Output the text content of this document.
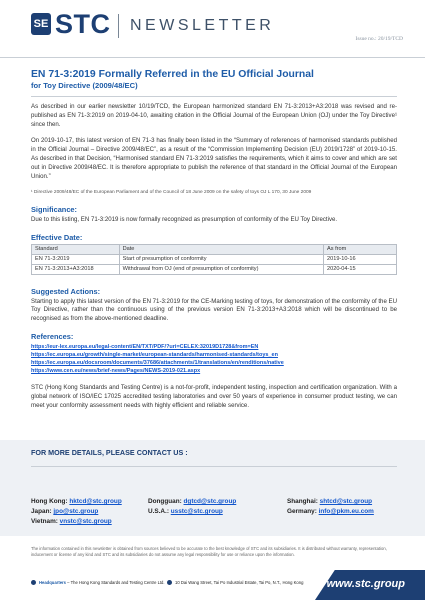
SE STC NEWSLETTER
Issue no.: 20/19/TCD
EN 71-3:2019 Formally Referred in the EU Official Journal
for Toy Directive (2009/48/EC)

As described in our earlier newsletter 10/19/TCD, the European harmonized standard EN 71-3:2013+A3:2018 was revised and re-published as EN 71-3:2019 on 2019-04-10, awaiting citation in the Official Journal of the European Union (OJ) under the Toy Directive¹ since then.

On 2019-10-17, this latest version of EN 71-3 has finally been listed in the “Summary of references of harmonised standards published in the Official Journal – Directive 2009/48/EC”, as a result of the “Commission Implementing Decision (EU) 2019/1728” of 2019-10-15. As described in that Decision, “Harmonised standard EN 71-3:2019 satisfies the requirements, which it aims to cover and which are set out in Directive 2009/48/EC. It is therefore appropriate to publish the reference of that standard in the Official Journal of the European Union.”

¹ Directive 2009/48/EC of the European Parliament and of the Council of 18 June 2009 on the safety of toys OJ L 170, 30 June 2009

Significance:

Due to this listing, EN 71-3:2019 is now formally recognized as presumption of conformity of the EU Toy Directive.

Effective Date:
Standard	Date	As from
EN 71-3:2019	Start of presumption of conformity	2019-10-16
EN 71-3:2013+A3:2018	Withdrawal from OJ (end of presumption of conformity)	2020-04-15
Suggested Actions:

Starting to apply this latest version of the EN 71-3:2019 for the CE-Marking testing of toys, for demonstration of the conformity of the EU Toy Directive, rather than the continuous using of the previous version EN 71-3:2013+A3:2018 which will be discontinued to be recognised as from the above-mentioned deadline.

References:
https://eur-lex.europa.eu/legal-content/EN/TXT/PDF/?uri=CELEX:32019D1728&from=EN
https://ec.europa.eu/growth/single-market/european-standards/harmonised-standards/toys_en
https://ec.europa.eu/docsroom/documents/37686/attachments/1/translations/en/renditions/native
https://www.cen.eu/news/brief-news/Pages/NEWS-2019-021.aspx

STC (Hong Kong Standards and Testing Centre) is a not-for-profit, independent testing, inspection and certification organization. With a global network of ISO/IEC 17025 accredited testing laboratories and over 50 years of experience in consumer product testing, we can meet your conformity assessment needs with highly efficient and reliable service.

FOR MORE DETAILS, PLEASE CONTACT US :
Hong Kong: hktcd@stc.group	Dongguan: dgtcd@stc.group	Shanghai: shtcd@stc.group
Japan: jpo@stc.group	U.S.A.: usstc@stc.group	Germany: info@pkm.eu.com
Vietnam: vnstc@stc.group
The information contained in this newsletter is obtained from sources believed to be accurate to the best knowledge of STC and its subsidiaries. It is distributed without warranty, representation, inducement or license of any kind and STC and its subsidiaries do not assume any legal responsibility for use or reliance upon the information.
Headquarters – The Hong Kong Standards and Testing Centre Ltd. 10 Dai Wang Street, Tai Po Industrial Estate, Tai Po, N.T., Hong Kong www.stc.group
